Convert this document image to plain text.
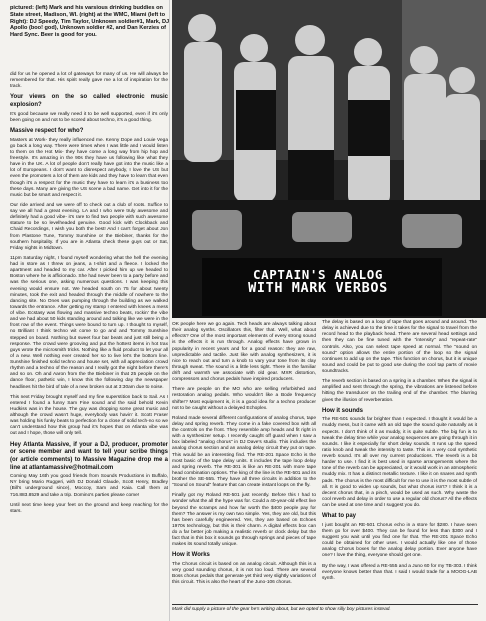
pictured: (left) Mark and his varsious drinking buddies on State street, Madison, WI. (right) at the WMC, Miami (left to Right): DJ Speedy, Tim Taylor, Unknown soldier#1, Mark, DJ Apollo (boo! god), Unknown soldier #2, and Dan Kerzies of Hard Sync. Beer is good for you.
CAPTAIN'S ANALOG
WITH MARK VERBOS

did for us he opened a lot of gateways for many of us. He will always be remembered for that. His spirit really gave me a lot of inspiration for the track.

Your views on the so called electronic music explosion?

It's good because we really need it to be well supported, even if it's only been going on and not to be scored about techno, it's a good thing.

Massive respect for who?

Masters at Work- they really influenced me. Kenny Dope and Louie Vega go back a long way. There were times when I was little and I would listen to them on the Hot Mix- they have come a long way from hip hop and freestyle. It's amazing in the 90s they have us following like what they have in the UK. A lot of people don't really have got into the music like a lot of Europeans. I don't want to disrespect anybody, I love the US but even the promoters a lot of them are kids and they have to learn that even though it's a respect for the music they have to learn it's a business too these days. Many are giving the US scene a bad name. Get into it for the music but be smart and respect it.

Our ride arrived and we were off to check out a club of roots. Suffice to say we all had a great evening. LA and I who were truly awesome and definitely had a good vibe- it's rare to find two people with such awesome stature to be so levelheaded genuine. Good kick with Clockback and Chaid Recordings, I wish you both the best! And I can't forget about Jon from Plastone Tune, Tommy Sunshine or the Biebiner, thanks for the southern hospitality. If you are in Atlanta check these guys out or Sat, Friday nights in Midtown.

11pm Saturday night, I found myself wondering what the hell the evening had in store as I threw on jeans, a t-shirt and a fleece. I locked the apartment and headed to my car. After I picked him up we headed to Boston where he is afficionado. She had never been to a party before and was the serious one, asking numerous questions. I was keeping this evening would ensure not. We headed south on 75 for about twenty minutes, took the exit and headed through the middle of nowhere to the dancing site. No Ones was pumping through the building as we walked towards the entrance. After getting my stamp I entered with knees a mess of vibe. Ecstasy was flowing and massive techno beats, rockin' the vibe and we had about 50 kids standing around and talking like we were in the front row of the event. Things were bound to turn up. I thought to myself, no Brilliant I think techno wit come to go and and Tommy Sunshine stepped on board. Nothing but sweet four bar beats and just still being a response. The crowd were grooving and put the hottest items in hot trax guys wrote the microsmith tricks. Nothing like a fluid product to let your all of a new. Well nothing ever created her so to live let's the bottom line. Sunshine finished solid techno and house set, with all appreciation crowd rhythm and a techno of the reason and I really got the night before there's and so on. Oh and Aaron from the the Biebiner in that 25 people on the dance floor, pathetic win, I know this the following day the newspaper headlines hit the bird of tale of a new broken out at 3:30am due to noise.

This next Friday brought myself and my fine superstition back to Sail. As I entered I found a funny Sam Fine sound and the said behold Kevin Hudkiss was in the house. The guy was dropping some great music and although the crowd wasn't huge, everybody was havin' it. Scott Fraser was holding his funky beats to perfection for a close of solid tech-no so we can't understand how this group had it's hopes that on Atlanta vibe was out and I hope, those will only tell.

Hey Atlanta Massive, if your a DJ, producer, promoter or scene member and want to tell your scribe things (or article comments) to Massive Magazine drop me a line at atlantamassive@hotmail.com

Coming May 16th you good friends from Sounds Productions in Buffalo, NY bring Mario Ruggeri, with DJ Donald Glaude, Scott Henry, Bradley (Bill's underground since), Moccoy, Sam and Kaia. Call them at 716.883.8529 and take a trip. Domino's parties please come!

Until next time keep your feet on the ground and keep reaching for the stars.

OK people here we go again. Tech heads are always talking about their analog synths. Oscillators this, filter that. Well, what about effects? One of the most important elements of every strong sound is the effects it is run through. Analog effects have grown in popularity in recent years and for a good reason: they are raw, unpredictable and tactile. Just like with analog synthesizers, it is nice to reach out and turn a knob to vary your tone from its clay through sweat. The sound is a little less tight. There is the familiar drift and warmth we associate with old gear. MXR distortion, compressors and chorus pedals have inspired producers.

There are people on the MO who are selling refurbished and restoration analog pedals. Who wouldn't like a Bode frequency shifter? Most equipment is, it is a good idea for a techno producer not to be caught without a delayed Echoplex.

Roland made several different configurations of analog chorus, tape delay and spring reverb. They come in a fake covered box with all the controls on the front. They resemble amp heads and fit right in with a synthesizer setup. I recently caught off guard when I saw a box labeled "analog chorus" in DJ Dave's studio. This includes the analog chorus section and an analog delay circuit they put on tape. This would be an interesting find. The RE-201 Space Echo is the most basic of the tape delay units. It includes the tape loop delay and spring reverb. The RE-301 is like an RE-201 with more tape head combination options. The king of the line is the RE-501 and its brother the SE-555. They have all three circuits in addition to the "Sound on Sound" feature that can create instant loops on the fly.

Finally got my Roland RE-501 just recently. Before this I had to wonder what the all the hype was for. Could a 40-year-old effect live beyond the scramps and how far worth the $400 people pay for them? The answer is my own two simple. Yes, they are old, but this has been carefully engineered. Yes, they are based on Echoes 1970s technology, but this is their charm. A digital effects box can do a far better job making a realistic reverb or clock delay but the fact that in this box it sounds go through springs and pieces of tape makes its sound totally unique.

How it Works

The Chorus circuit is based on an analog circuit. Although this is a very good sounding chorus, it is not too loud. There are several Boss chorus pedals that generate yet third very slightly variations of this circuit. This is also the heart of the Juno-106 chorus.

The delay is based on a loop of tape that goes around and around. The delay is achieved due to the time it takes for the signal to travel from the record head to the playback head. There are several head settings and then they can be fine tuned with the "intensity" and "repeat-rate" controls. Also, you can select tape speed at normal. The "sound on sound" option allows the entire portion of the loop so the signal continues to add up on the tape. This function on chorus, but it is unique sound and could be put to good use during the cool tap parts of movie soundtracks.

The reverb section is based on a spring in a chamber. When the signal is amplified and sent through the spring, the vibrations are listened before hitting the transducer on the trailing end of the chamber. The blurring gives the illusion of reverberation.

How it sounds

The RE-501 sounds far brighter than I expected. I thought it would be a muddy mess, but it came with an old tape the sound quite naturally as it expects. I don't think of it as muddy, it is quite subtle. The big fun is to tweak the delay time while your analog sequences are going through it in sounds. I like it especially for short delay sounds. It runs up the speed ratio knob and tweak the intensity to taste. This is a very cool synthetic reverb sound. It's all over my current productions. The reverb is a bit harder to use. I find it is best used in sparse arrangements where the tone of the reverb can be appreciated, or it would work in an atmospheric muddy mix. It has a distinct metallic texture. I like it on snares and synth pads. The chorus is the most difficult for me to use it is the most subtle of all. It is good to widen up sounds, but what chorus isn't? I think it is a decent chorus that, in a pinch, would be used as such. Why waste the cool reverb and delay in order to use a regular old chorus? All the effects can be used at one time and I suggest you do.

What to pay

I just bought an RE-501 Chorus echo in a store for $280. I have seen them go for over $400. They can be found for less than $300 and I suggest you wait until you find one for that. The RE-201 Space Echo could be obtained for other uses. I would actually like one of those analog Chorus boxes for the analog delay portion. Ever anyone have one? I love the thing, everyone should get one.

By the way, I was offered a RE-555 and a Juno 60 for my TB-303. I think everyone knows better than that. I said I would trade for a MOOG-LAB synth.

Mark did supply a picture of the gear he's writing about, but we opted to show silly boy pictures instead.
